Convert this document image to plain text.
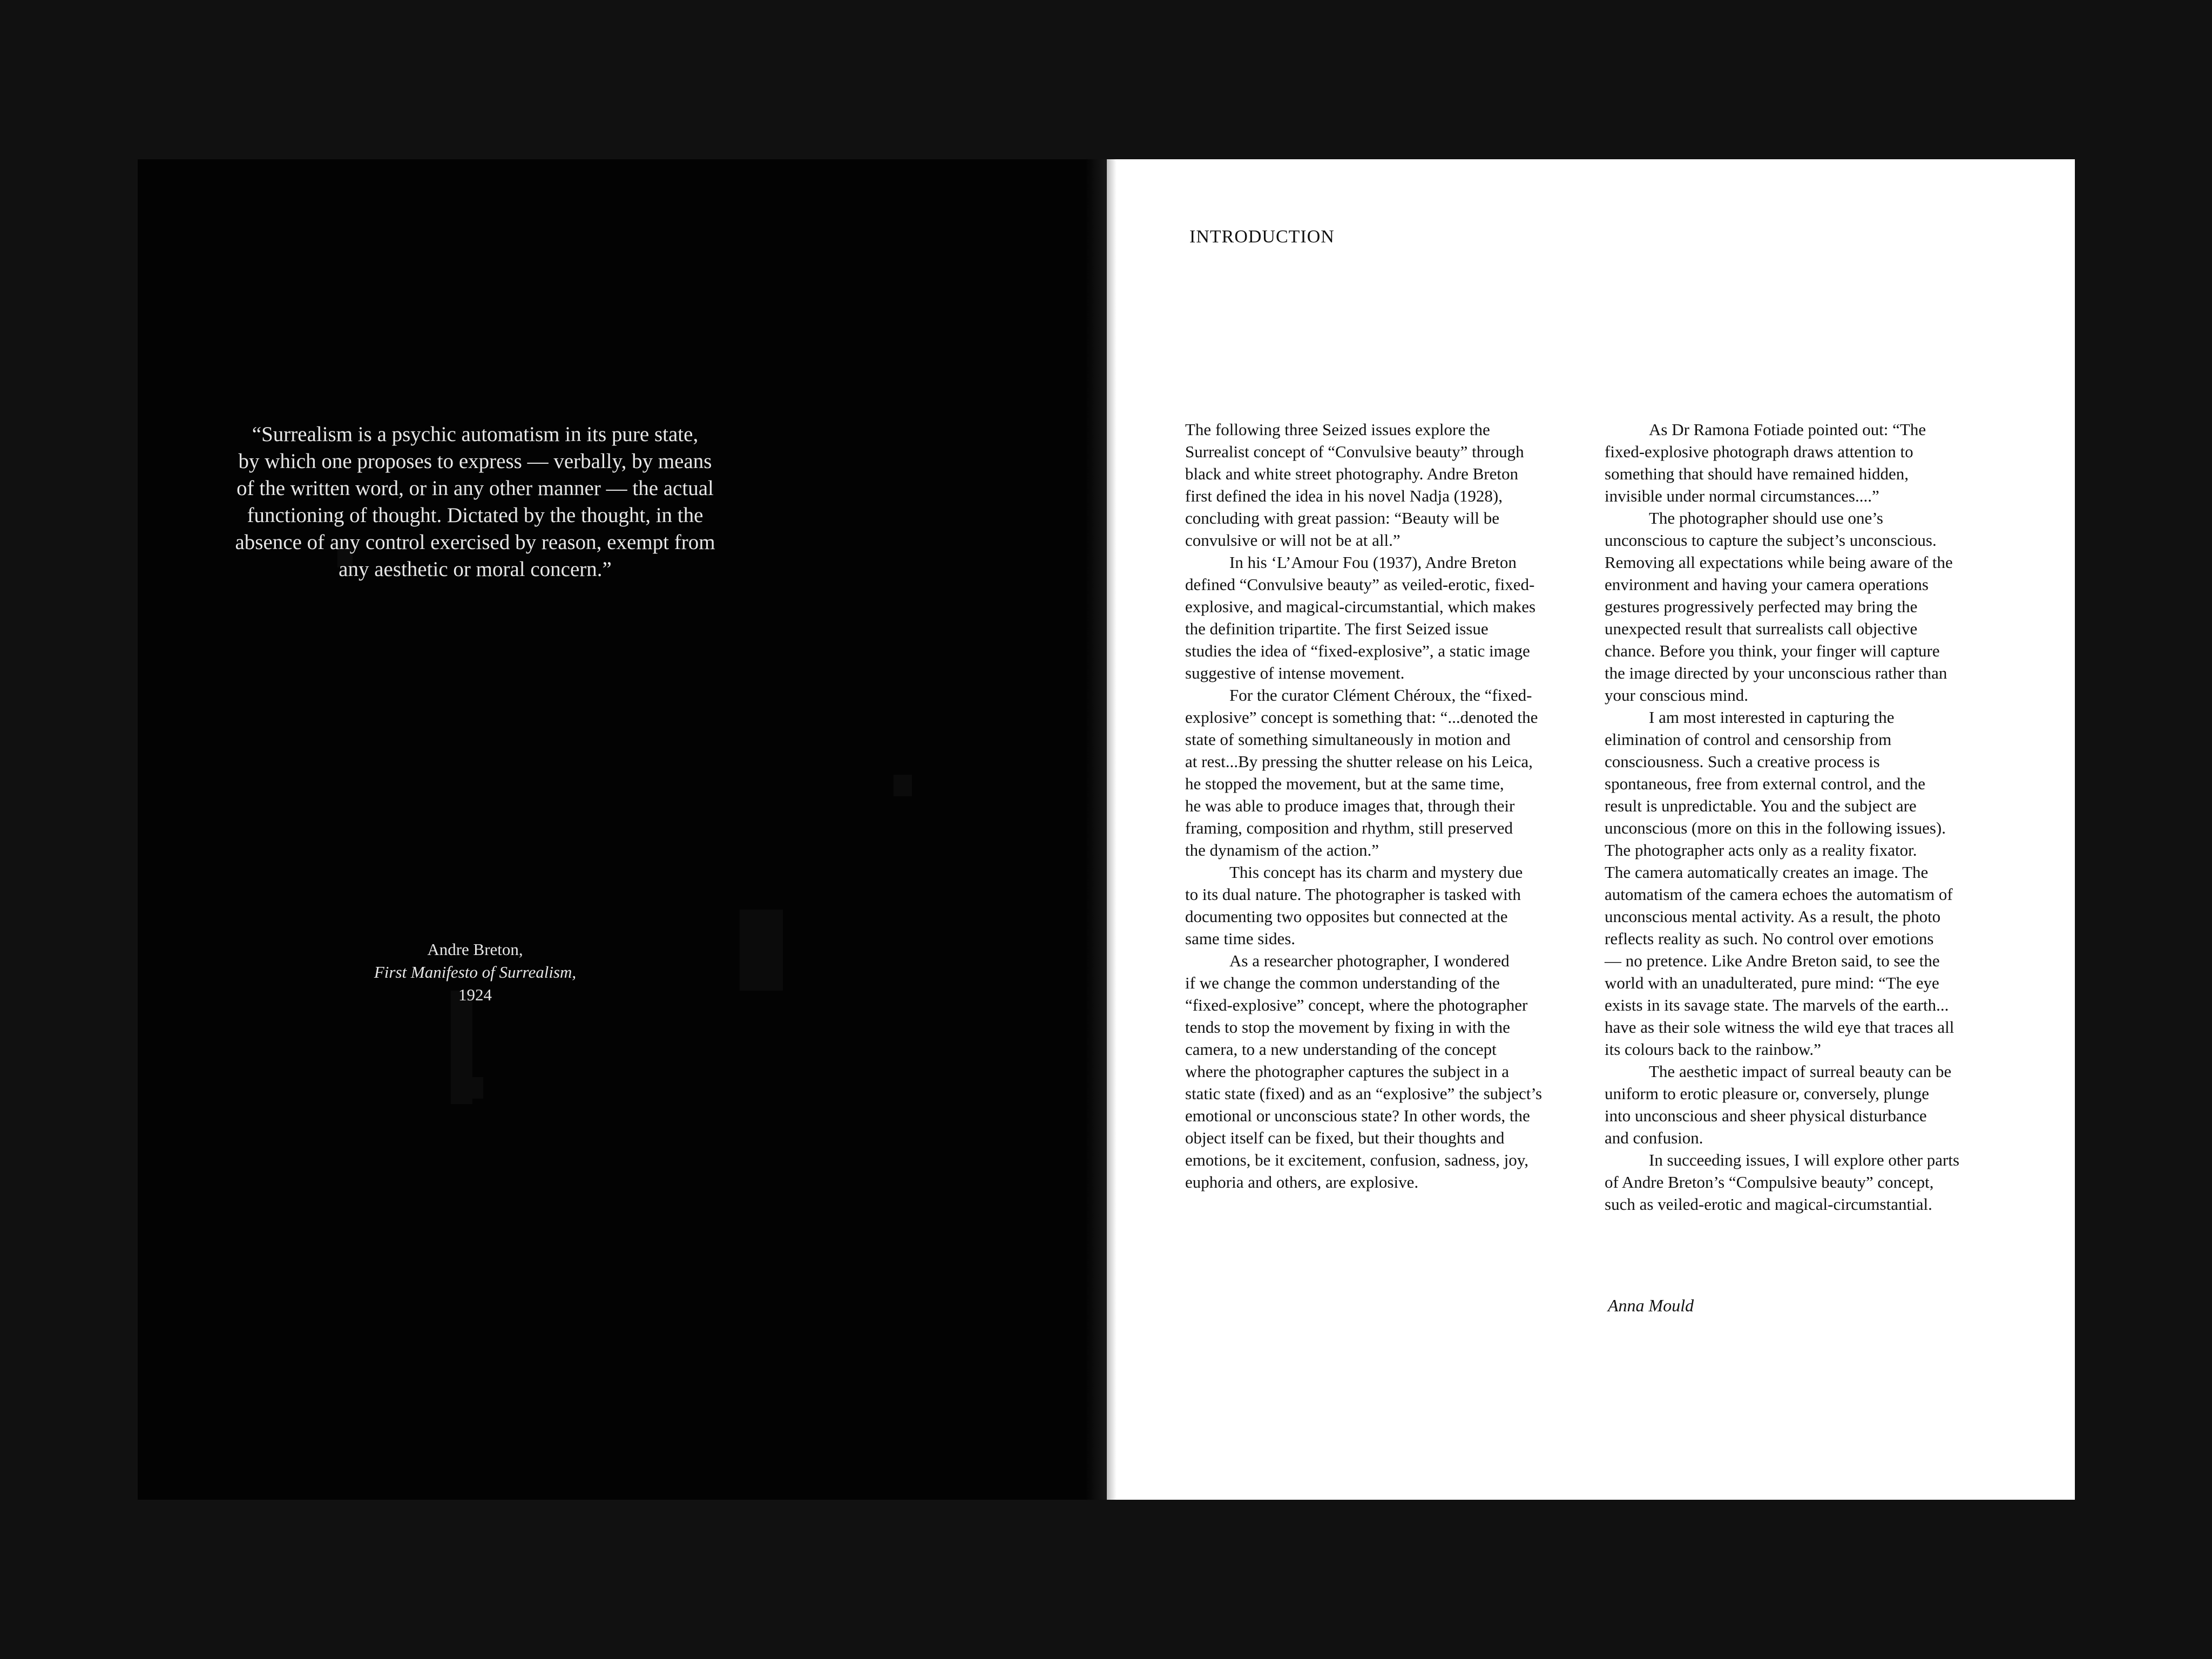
“Surrealism is a psychic automatism in its pure state,
by which one proposes to express — verbally, by means
of the written word, or in any other manner — the actual
functioning of thought. Dictated by the thought, in the
absence of any control exercised by reason, exempt from
any aesthetic or moral concern.”
Andre Breton,
First Manifesto of Surrealism,
1924
INTRODUCTION
The following three Seized issues explore the
Surrealist concept of “Convulsive beauty” through
black and white street photography. Andre Breton
first defined the idea in his novel Nadja (1928),
concluding with great passion: “Beauty will be
convulsive or will not be at all.”
In his ‘L’Amour Fou (1937), Andre Breton
defined “Convulsive beauty” as veiled-erotic, fixed-
explosive, and magical-circumstantial, which makes
the definition tripartite. The first Seized issue
studies the idea of “fixed-explosive”, a static image
suggestive of intense movement.
For the curator Clément Chéroux, the “fixed-
explosive” concept is something that: “...denoted the
state of something simultaneously in motion and
at rest...By pressing the shutter release on his Leica,
he stopped the movement, but at the same time,
he was able to produce images that, through their
framing, composition and rhythm, still preserved
the dynamism of the action.”
This concept has its charm and mystery due
to its dual nature. The photographer is tasked with
documenting two opposites but connected at the
same time sides.
As a researcher photographer, I wondered
if we change the common understanding of the
“fixed-explosive” concept, where the photographer
tends to stop the movement by fixing in with the
camera, to a new understanding of the concept
where the photographer captures the subject in a
static state (fixed) and as an “explosive” the subject’s
emotional or unconscious state? In other words, the
object itself can be fixed, but their thoughts and
emotions, be it excitement, confusion, sadness, joy,
euphoria and others, are explosive.
As Dr Ramona Fotiade pointed out: “The
fixed-explosive photograph draws attention to
something that should have remained hidden,
invisible under normal circumstances....”
The photographer should use one’s
unconscious to capture the subject’s unconscious.
Removing all expectations while being aware of the
environment and having your camera operations
gestures progressively perfected may bring the
unexpected result that surrealists call objective
chance. Before you think, your finger will capture
the image directed by your unconscious rather than
your conscious mind.
I am most interested in capturing the
elimination of control and censorship from
consciousness. Such a creative process is
spontaneous, free from external control, and the
result is unpredictable. You and the subject are
unconscious (more on this in the following issues).
The photographer acts only as a reality fixator.
The camera automatically creates an image. The
automatism of the camera echoes the automatism of
unconscious mental activity. As a result, the photo
reflects reality as such. No control over emotions
— no pretence. Like Andre Breton said, to see the
world with an unadulterated, pure mind: “The eye
exists in its savage state. The marvels of the earth...
have as their sole witness the wild eye that traces all
its colours back to the rainbow.”
The aesthetic impact of surreal beauty can be
uniform to erotic pleasure or, conversely, plunge
into unconscious and sheer physical disturbance
and confusion.
In succeeding issues, I will explore other parts
of Andre Breton’s “Compulsive beauty” concept,
such as veiled-erotic and magical-circumstantial.
Anna Mould
